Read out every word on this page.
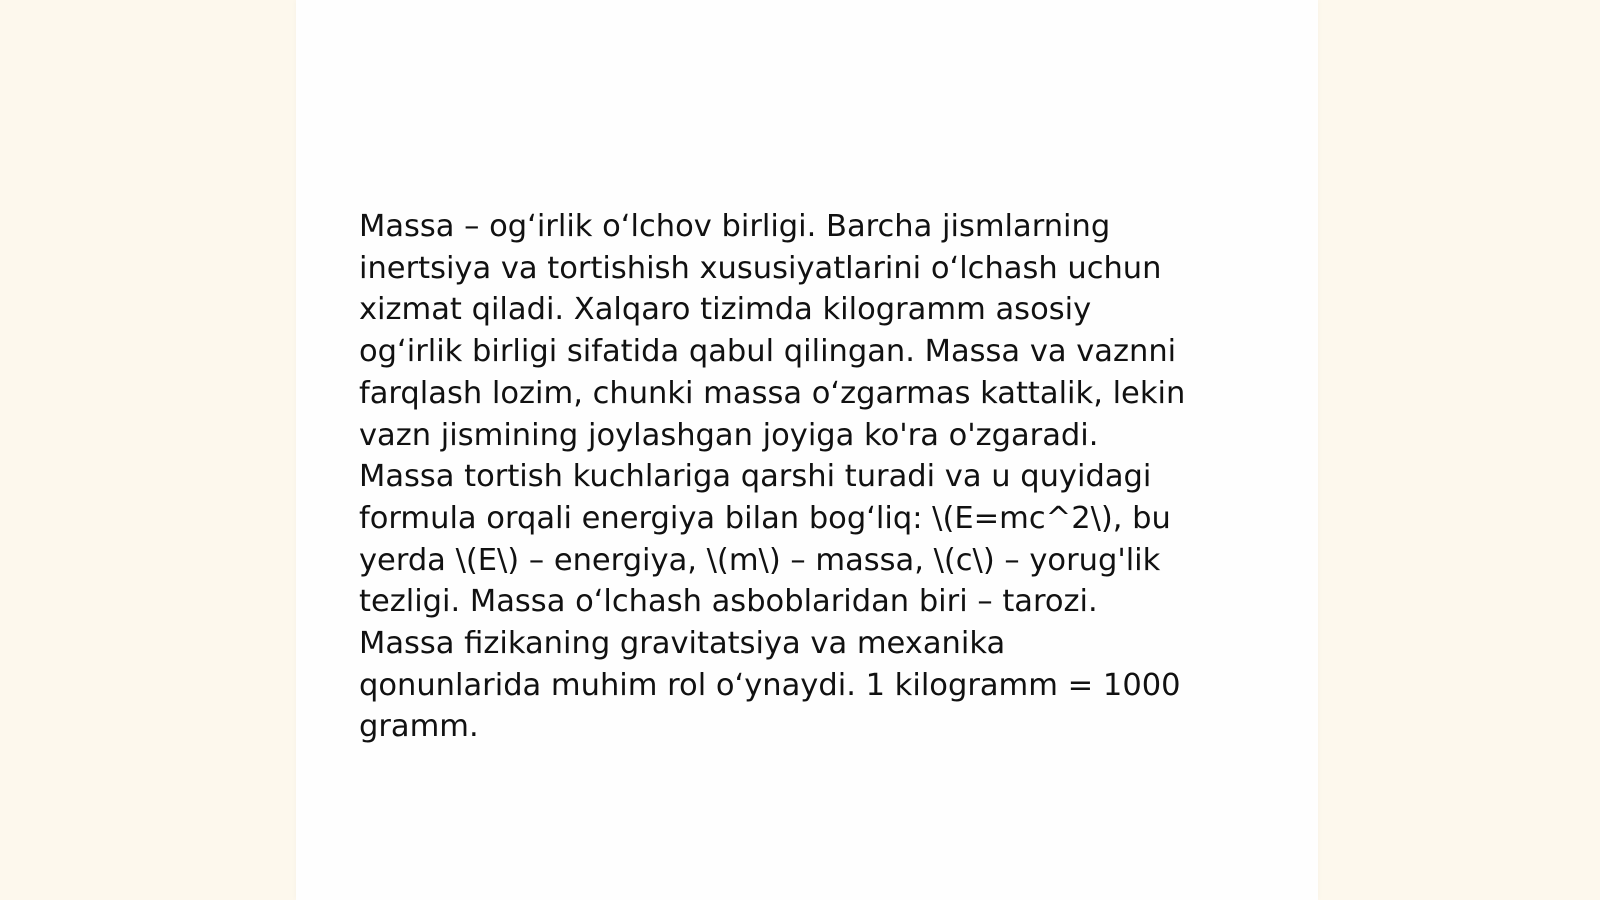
Massa – og‘irlik o‘lchov birligi. Barcha jismlarning
inertsiya va tortishish xususiyatlarini o‘lchash uchun
xizmat qiladi. Xalqaro tizimda kilogramm asosiy
og‘irlik birligi sifatida qabul qilingan. Massa va vaznni
farqlash lozim, chunki massa o‘zgarmas kattalik, lekin
vazn jismining joylashgan joyiga ko'ra o'zgaradi.
Massa tortish kuchlariga qarshi turadi va u quyidagi
formula orqali energiya bilan bog‘liq: \(E=mc^2\), bu
yerda \(E\) – energiya, \(m\) – massa, \(c\) – yorug'lik
tezligi. Massa o‘lchash asboblaridan biri – tarozi.
Massa fizikaning gravitatsiya va mexanika
qonunlarida muhim rol o‘ynaydi. 1 kilogramm = 1000
gramm.
